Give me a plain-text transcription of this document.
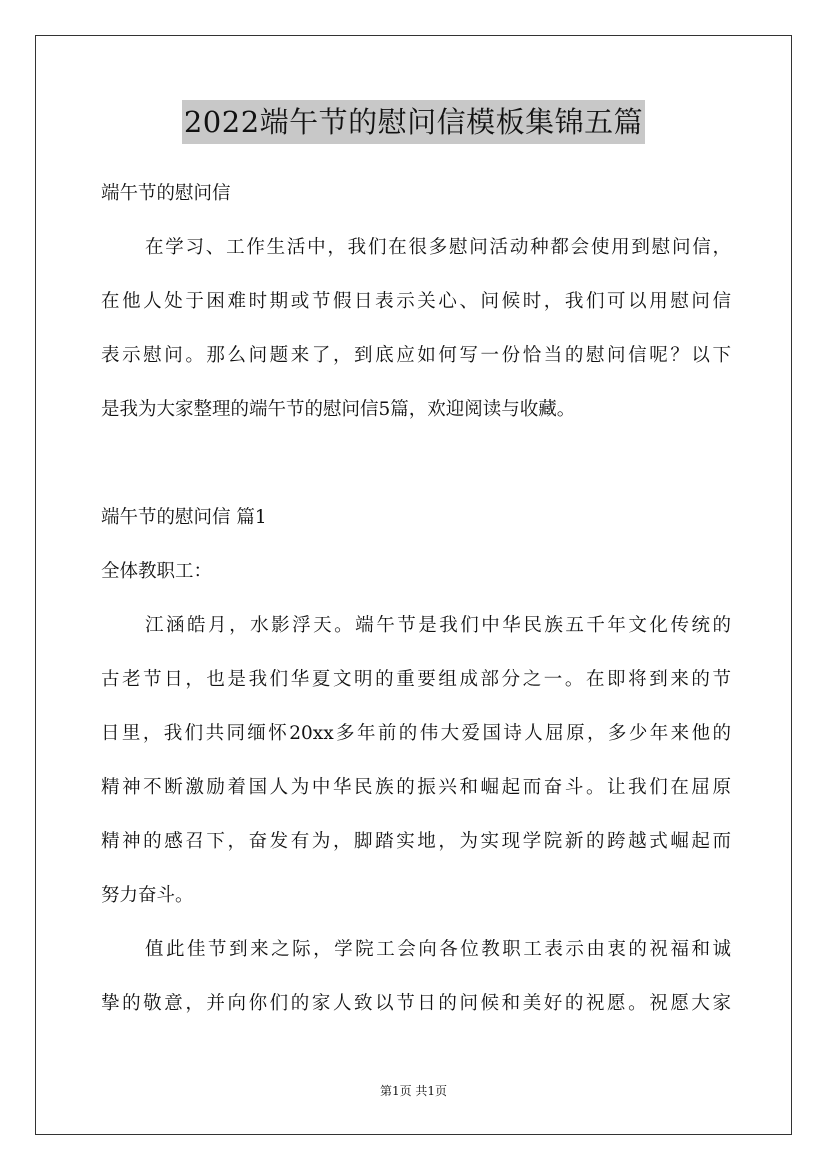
2022端午节的慰问信模板集锦五篇

端午节的慰问信

在学习、工作生活中，我们在很多慰问活动种都会使用到慰问信，

在他人处于困难时期或节假日表示关心、问候时，我们可以用慰问信

表示慰问。那么问题来了，到底应如何写一份恰当的慰问信呢？以下

是我为大家整理的端午节的慰问信5篇，欢迎阅读与收藏。

端午节的慰问信 篇1

全体教职工：

江涵皓月，水影浮天。端午节是我们中华民族五千年文化传统的

古老节日，也是我们华夏文明的重要组成部分之一。在即将到来的节

日里，我们共同缅怀20xx多年前的伟大爱国诗人屈原，多少年来他的

精神不断激励着国人为中华民族的振兴和崛起而奋斗。让我们在屈原

精神的感召下，奋发有为，脚踏实地，为实现学院新的跨越式崛起而

努力奋斗。

值此佳节到来之际，学院工会向各位教职工表示由衷的祝福和诚

挚的敬意，并向你们的家人致以节日的问候和美好的祝愿。祝愿大家

第1页 共1页
